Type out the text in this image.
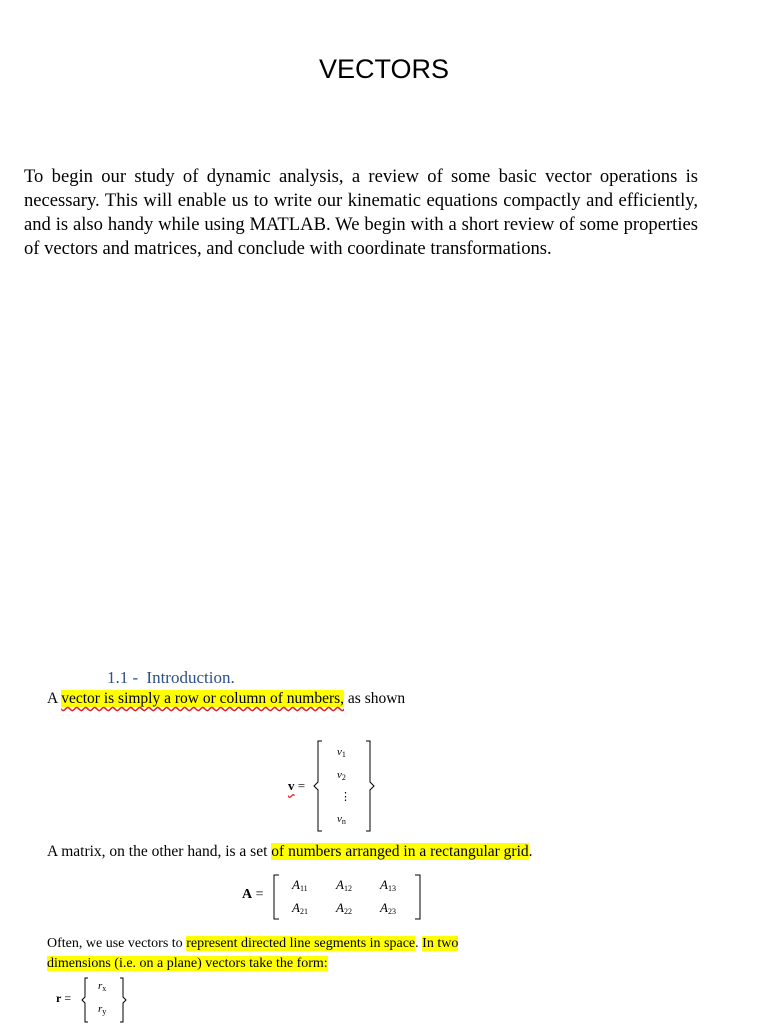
VECTORS
To begin our study of dynamic analysis, a review of some basic vector operations is necessary. This will enable us to write our kinematic equations compactly and efficiently, and is also handy while using MATLAB. We begin with a short review of some properties of vectors and matrices, and conclude with coordinate transformations.
1.1 - Introduction.
A vector is simply a row or column of numbers, as shown
v =
$v_1$
$v_2$
⋮
$v_n$
A matrix, on the other hand, is a set of numbers arranged in a rectangular grid.
A =
$A_{11}$ $A_{12}$ $A_{13}$
$A_{21}$ $A_{22}$ $A_{23}$
Often, we use vectors to represent directed line segments in space. In two
dimensions (i.e. on a plane) vectors take the form:
r =
$r_x$
$r_y$
